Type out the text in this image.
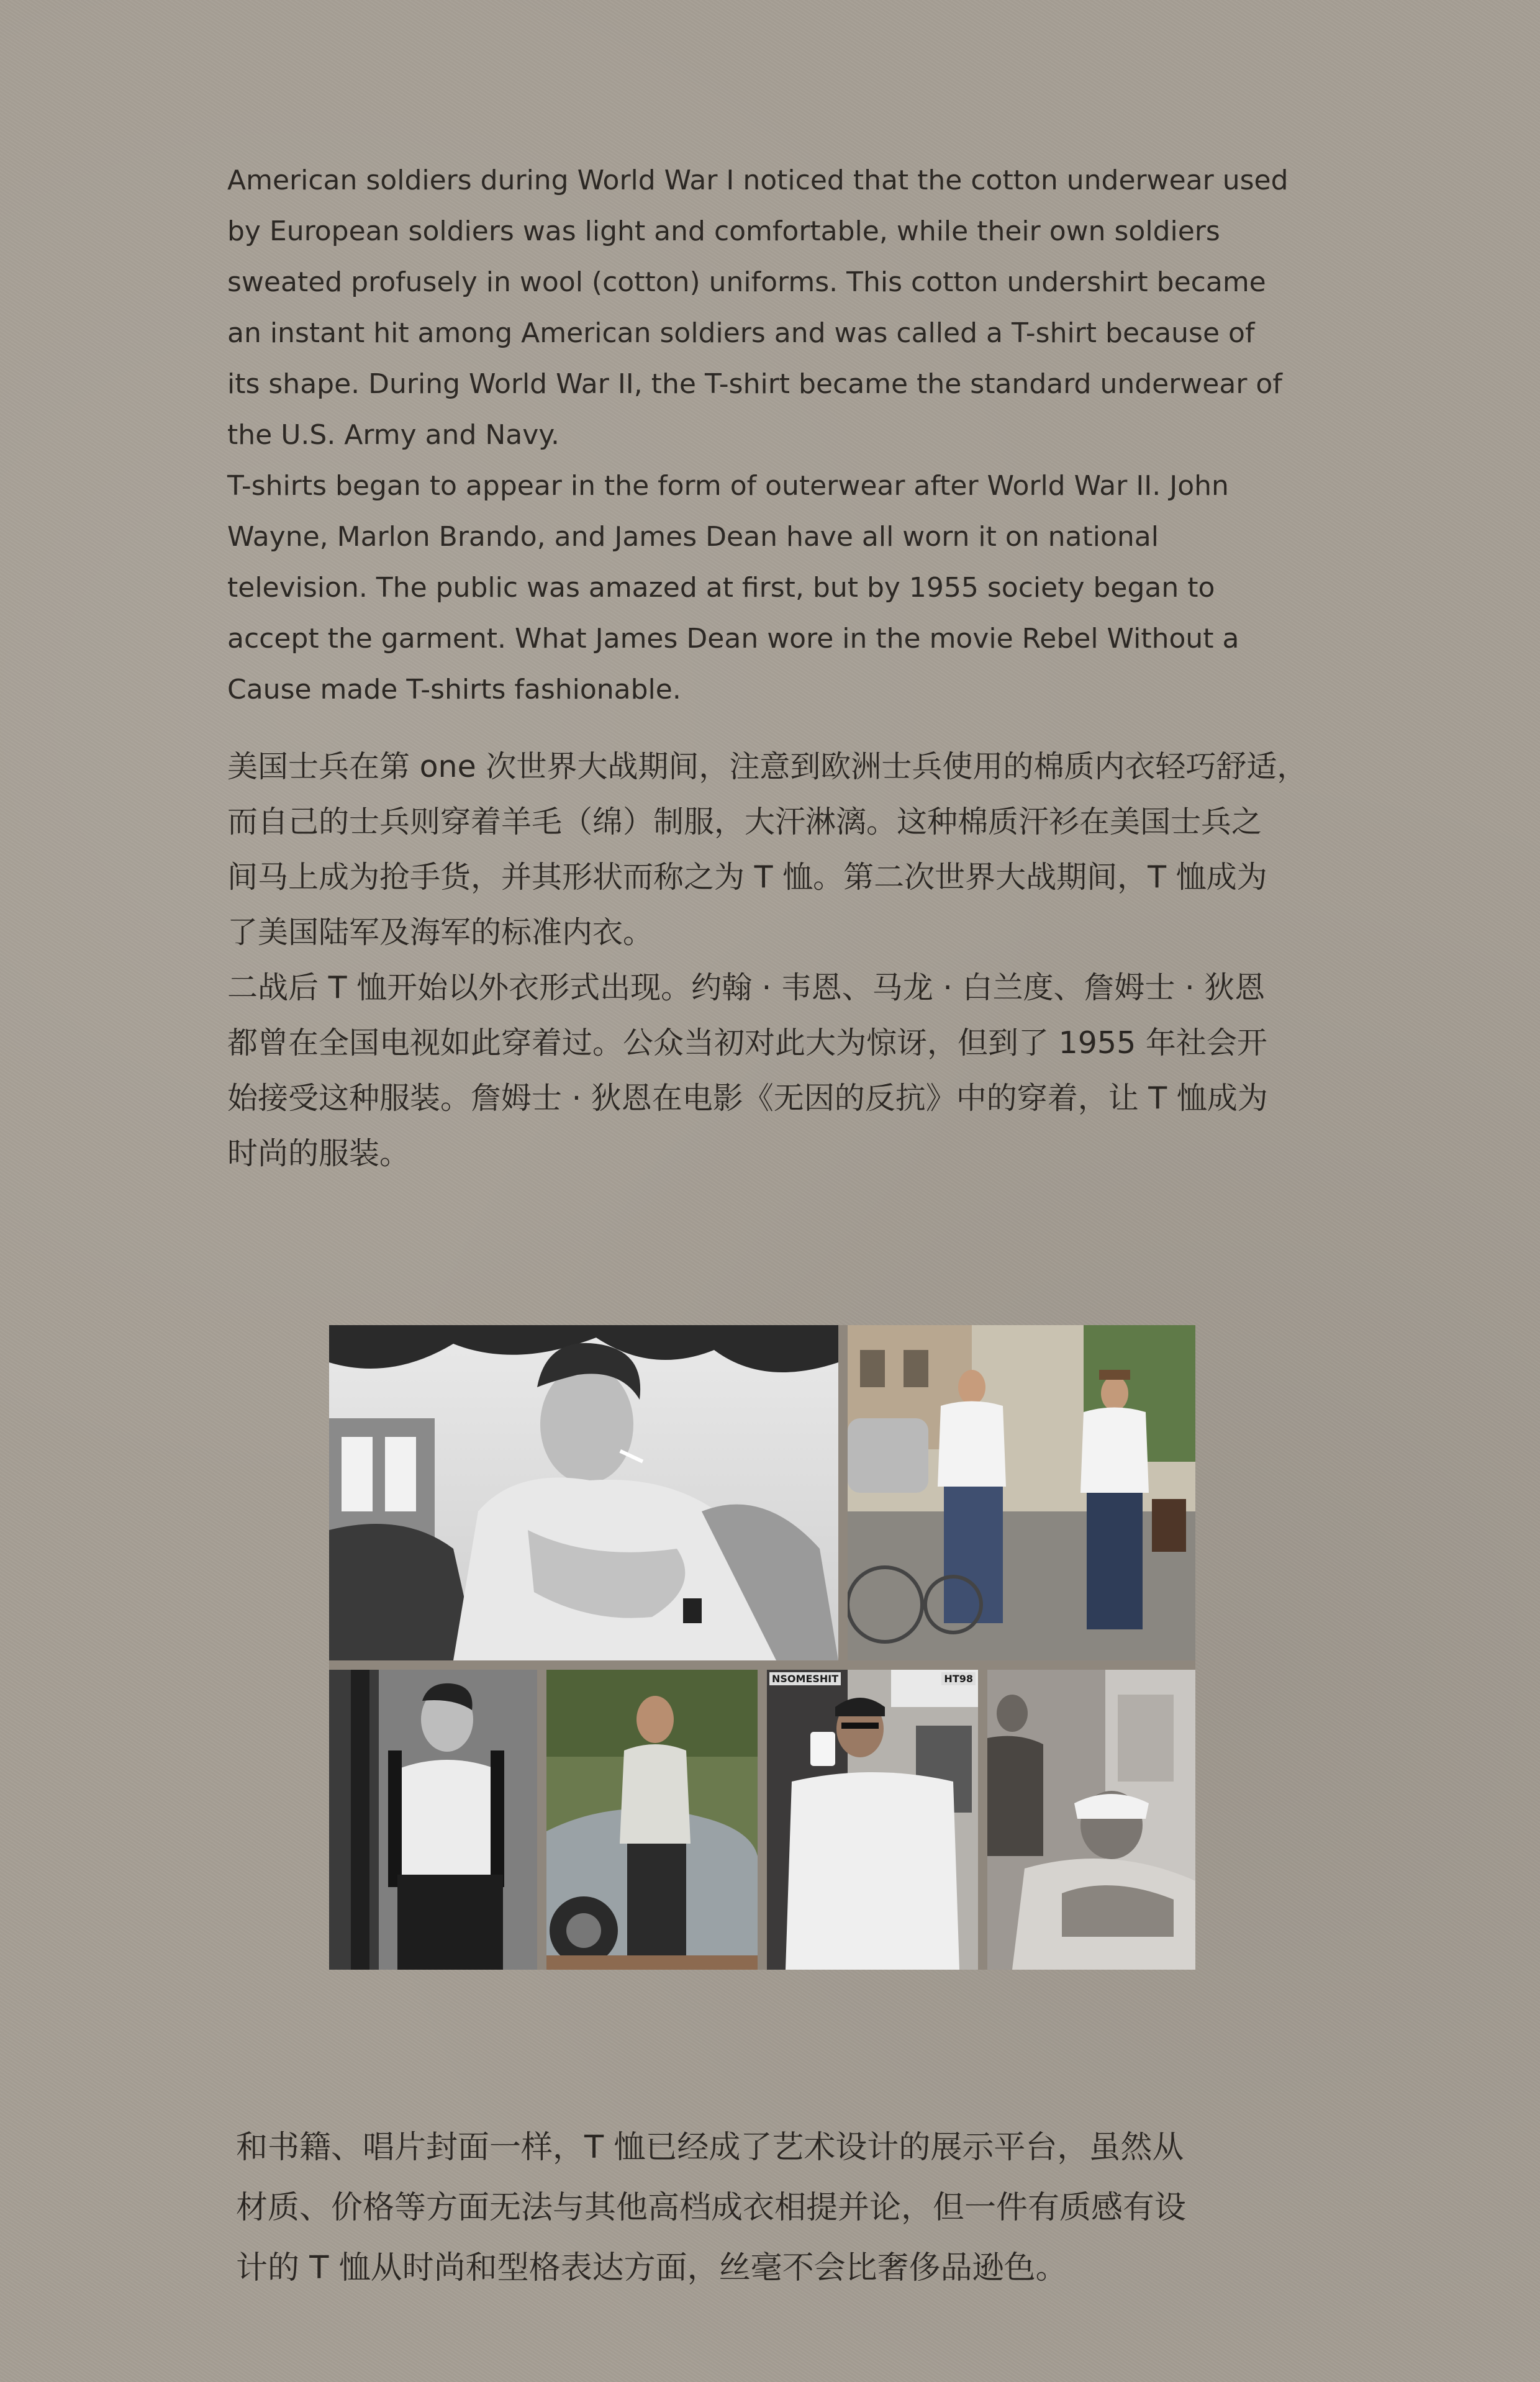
American soldiers during World War I noticed that the cotton underwear used
by European soldiers was light and comfortable, while their own soldiers
sweated profusely in wool (cotton) uniforms. This cotton undershirt became
an instant hit among American soldiers and was called a T-shirt because of
its shape. During World War II, the T-shirt became the standard underwear of
the U.S. Army and Navy.

T-shirts began to appear in the form of outerwear after World War II. John
Wayne, Marlon Brando, and James Dean have all worn it on national
television. The public was amazed at first, but by 1955 society began to
accept the garment. What James Dean wore in the movie Rebel Without a
Cause made T-shirts fashionable.

美国士兵在第 one 次世界大战期间，注意到欧洲士兵使用的棉质内衣轻巧舒适，
而自己的士兵则穿着羊毛（绵）制服，大汗淋漓。这种棉质汗衫在美国士兵之
间马上成为抢手货，并其形状而称之为 T 恤。第二次世界大战期间，T 恤成为
了美国陆军及海军的标准内衣。

二战后 T 恤开始以外衣形式出现。约翰 · 韦恩、马龙 · 白兰度、詹姆士 · 狄恩
都曾在全国电视如此穿着过。公众当初对此大为惊讶，但到了 1955 年社会开
始接受这种服装。詹姆士 · 狄恩在电影《无因的反抗》中的穿着，让 T 恤成为
时尚的服装。

NSOMESHIT	HT98

和书籍、唱片封面一样，T 恤已经成了艺术设计的展示平台，虽然从
材质、价格等方面无法与其他高档成衣相提并论，但一件有质感有设
计的 T 恤从时尚和型格表达方面，丝毫不会比奢侈品逊色。
